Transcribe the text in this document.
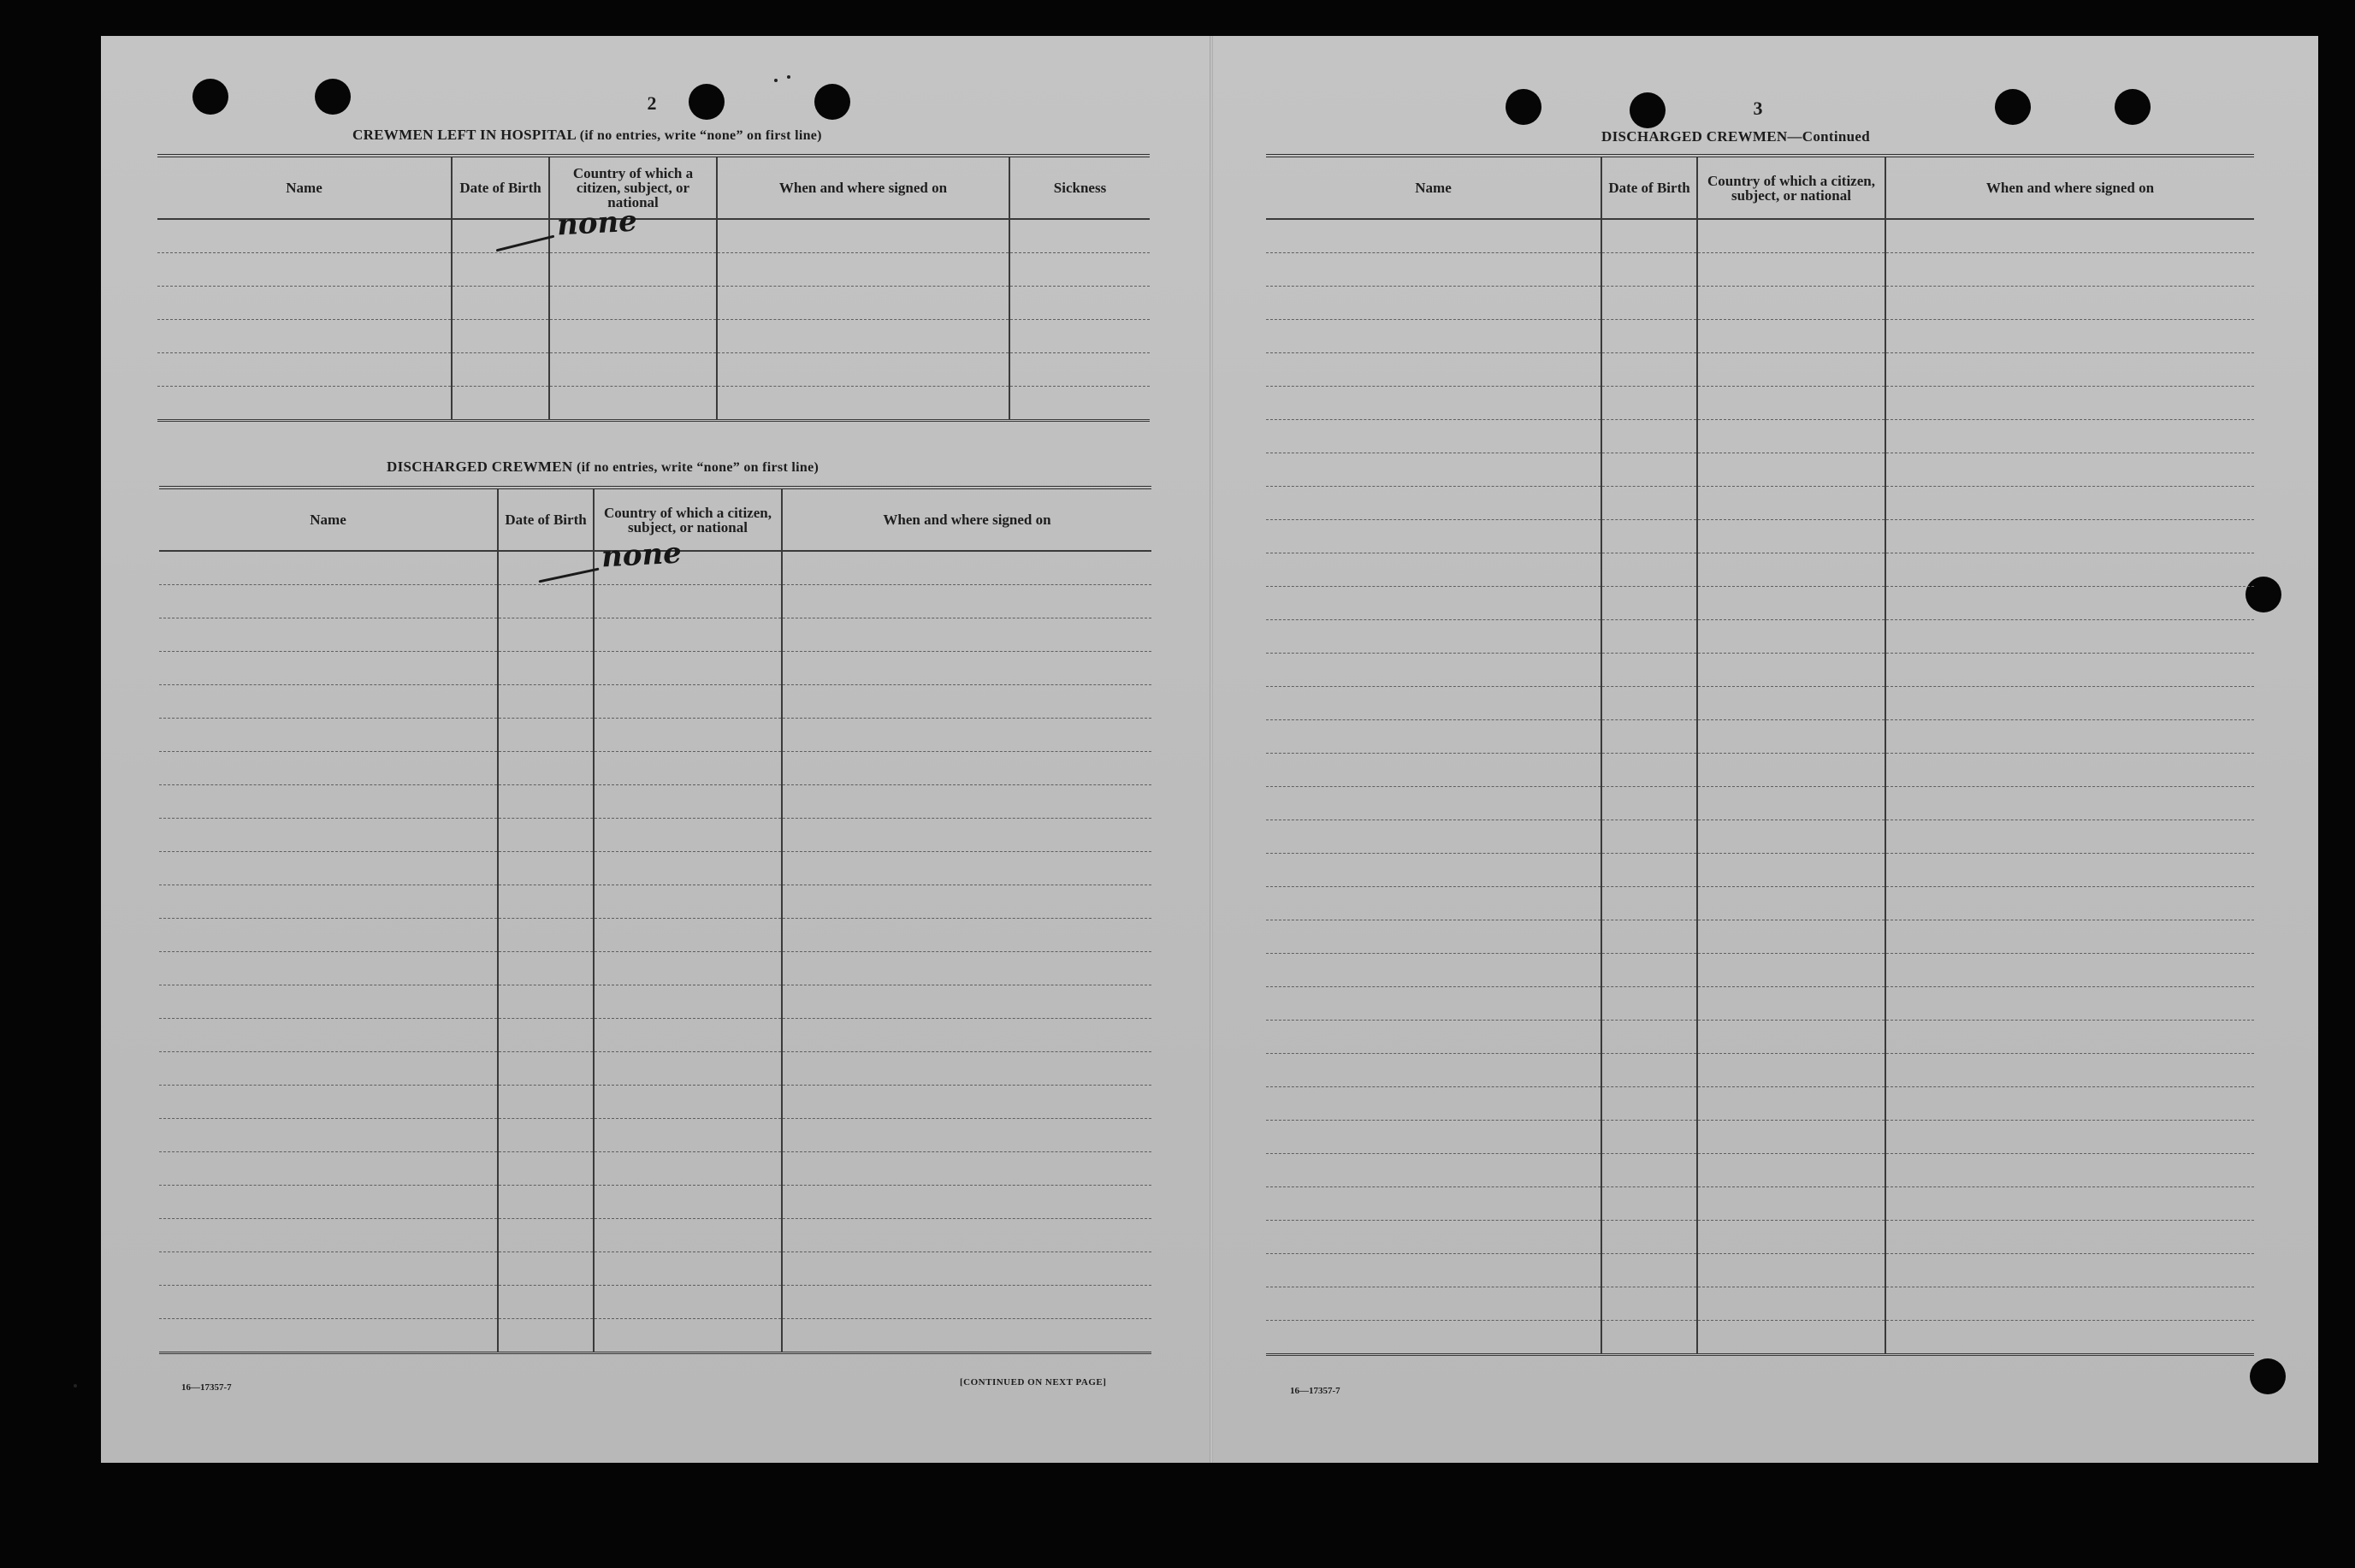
2
CREWMEN LEFT IN HOSPITAL (if no entries, write “none” on first line)
Name	Date of Birth	Country of which a citizen, subject, or national	When and where signed on	Sickness

		none		

DISCHARGED CREWMEN (if no entries, write “none” on first line)
Name	Date of Birth	Country of which a citizen, subject, or national	When and where signed on

		none	

16—17357-7	[CONTINUED ON NEXT PAGE]
3
DISCHARGED CREWMEN—Continued
Name	Date of Birth	Country of which a citizen, subject, or national	When and where signed on

16—17357-7
